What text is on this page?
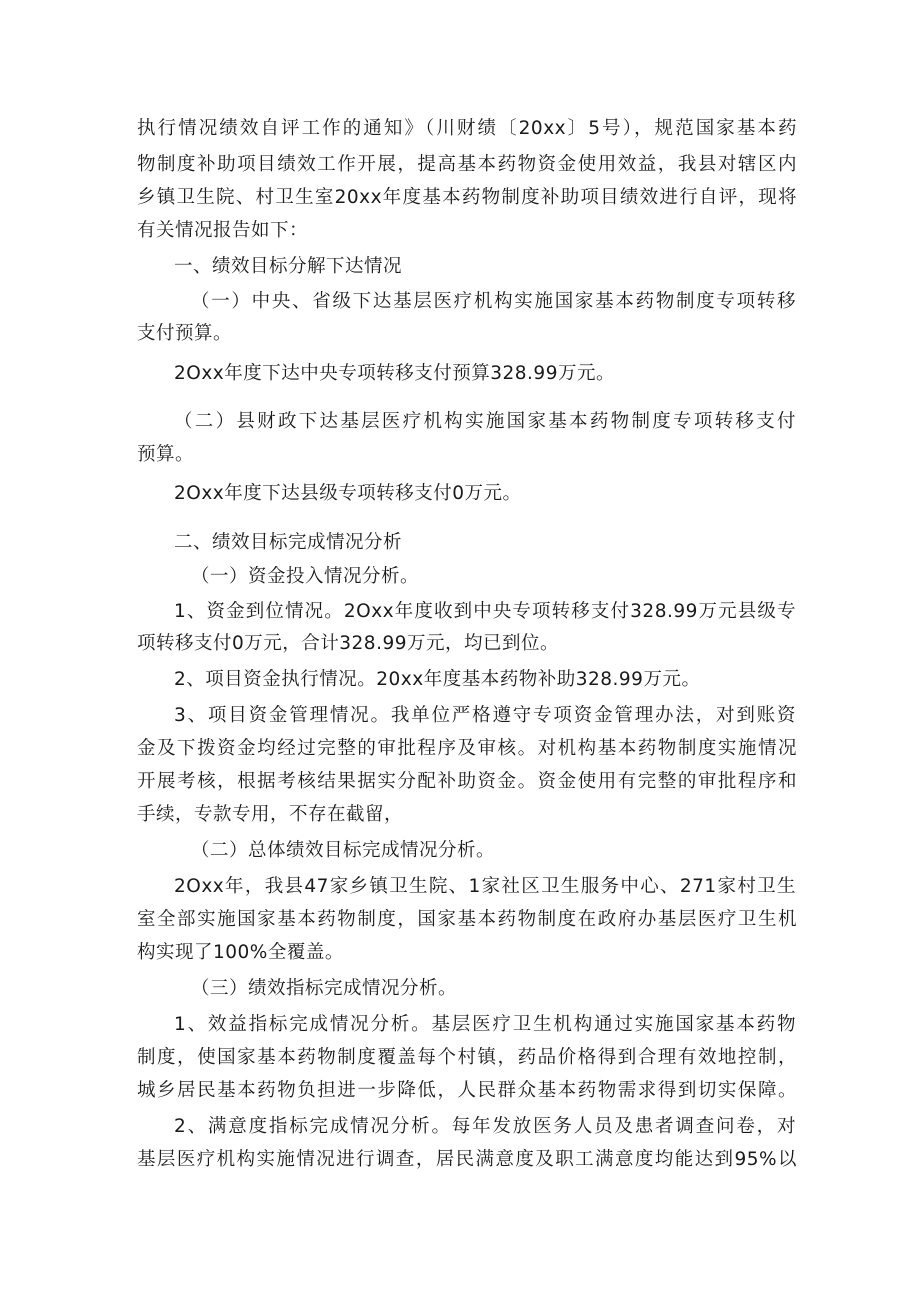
执行情况绩效自评工作的通知》（川财绩〔20xx〕5号），规范国家基本药
物制度补助项目绩效工作开展，提高基本药物资金使用效益，我县对辖区内
乡镇卫生院、村卫生室20xx年度基本药物制度补助项目绩效进行自评，现将
有关情况报告如下：
一、绩效目标分解下达情况
（一）中央、省级下达基层医疗机构实施国家基本药物制度专项转移
支付预算。
2Oxx年度下达中央专项转移支付预算328.99万元。
（二）县财政下达基层医疗机构实施国家基本药物制度专项转移支付
预算。
2Oxx年度下达县级专项转移支付0万元。
二、绩效目标完成情况分析
（一）资金投入情况分析。
1、资金到位情况。2Oxx年度收到中央专项转移支付328.99万元县级专
项转移支付0万元，合计328.99万元，均已到位。
2、项目资金执行情况。20xx年度基本药物补助328.99万元。
3、项目资金管理情况。我单位严格遵守专项资金管理办法，对到账资
金及下拨资金均经过完整的审批程序及审核。对机构基本药物制度实施情况
开展考核，根据考核结果据实分配补助资金。资金使用有完整的审批程序和
手续，专款专用，不存在截留，
（二）总体绩效目标完成情况分析。
2Oxx年，我县47家乡镇卫生院、1家社区卫生服务中心、271家村卫生
室全部实施国家基本药物制度，国家基本药物制度在政府办基层医疗卫生机
构实现了100%全覆盖。
（三）绩效指标完成情况分析。
1、效益指标完成情况分析。基层医疗卫生机构通过实施国家基本药物
制度，使国家基本药物制度覆盖每个村镇，药品价格得到合理有效地控制，
城乡居民基本药物负担进一步降低，人民群众基本药物需求得到切实保障。
2、满意度指标完成情况分析。每年发放医务人员及患者调查问卷，对
基层医疗机构实施情况进行调查，居民满意度及职工满意度均能达到95%以
